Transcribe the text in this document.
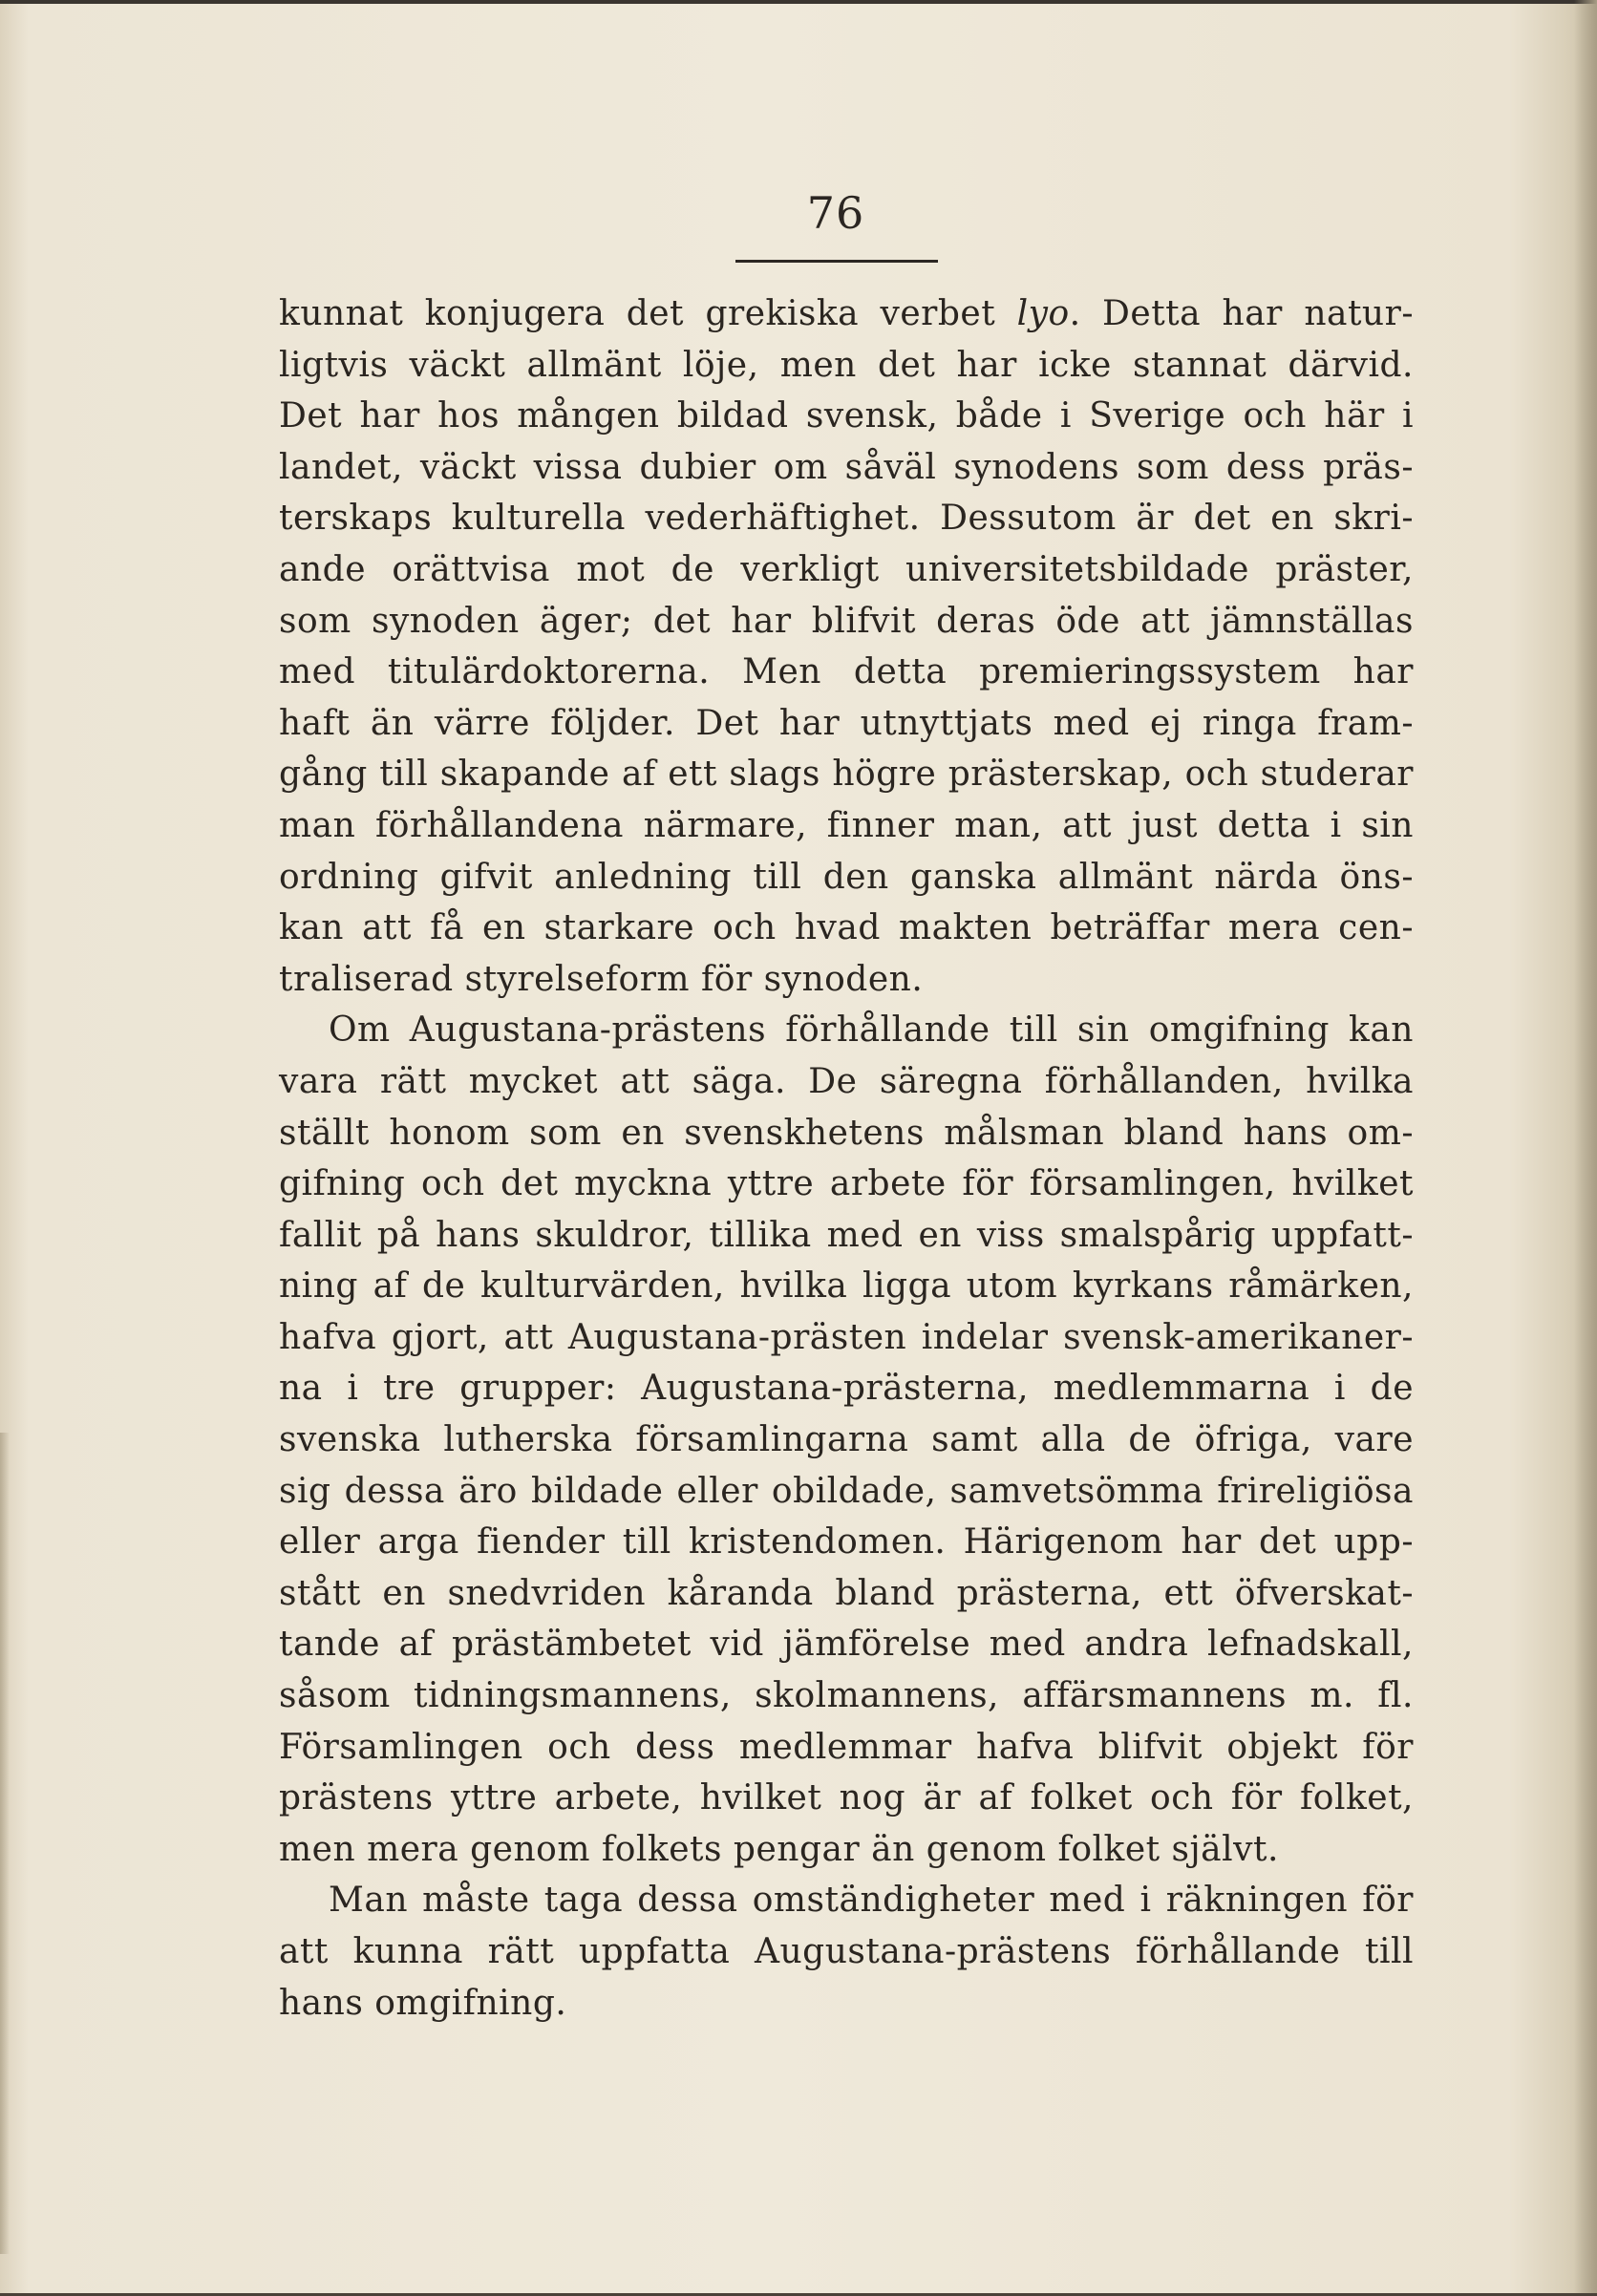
76
kunnat konjugera det grekiska verbet lyo. Detta har natur-
ligtvis väckt allmänt löje, men det har icke stannat därvid.
Det har hos mången bildad svensk, både i Sverige och här i
landet, väckt vissa dubier om såväl synodens som dess präs-
terskaps kulturella vederhäftighet. Dessutom är det en skri-
ande orättvisa mot de verkligt universitetsbildade präster,
som synoden äger; det har blifvit deras öde att jämnställas
med titulärdoktorerna. Men detta premieringssystem har
haft än värre följder. Det har utnyttjats med ej ringa fram-
gång till skapande af ett slags högre prästerskap, och studerar
man förhållandena närmare, finner man, att just detta i sin
ordning gifvit anledning till den ganska allmänt närda öns-
kan att få en starkare och hvad makten beträffar mera cen-
traliserad styrelseform för synoden.
Om Augustana-prästens förhållande till sin omgifning kan
vara rätt mycket att säga. De säregna förhållanden, hvilka
ställt honom som en svenskhetens målsman bland hans om-
gifning och det myckna yttre arbete för församlingen, hvilket
fallit på hans skuldror, tillika med en viss smalspårig uppfatt-
ning af de kulturvärden, hvilka ligga utom kyrkans råmärken,
hafva gjort, att Augustana-prästen indelar svensk-amerikaner-
na i tre grupper: Augustana-prästerna, medlemmarna i de
svenska lutherska församlingarna samt alla de öfriga, vare
sig dessa äro bildade eller obildade, samvetsömma frireligiösa
eller arga fiender till kristendomen. Härigenom har det upp-
stått en snedvriden kåranda bland prästerna, ett öfverskat-
tande af prästämbetet vid jämförelse med andra lefnadskall,
såsom tidningsmannens, skolmannens, affärsmannens m. fl.
Församlingen och dess medlemmar hafva blifvit objekt för
prästens yttre arbete, hvilket nog är af folket och för folket,
men mera genom folkets pengar än genom folket självt.
Man måste taga dessa omständigheter med i räkningen för
att kunna rätt uppfatta Augustana-prästens förhållande till
hans omgifning.
